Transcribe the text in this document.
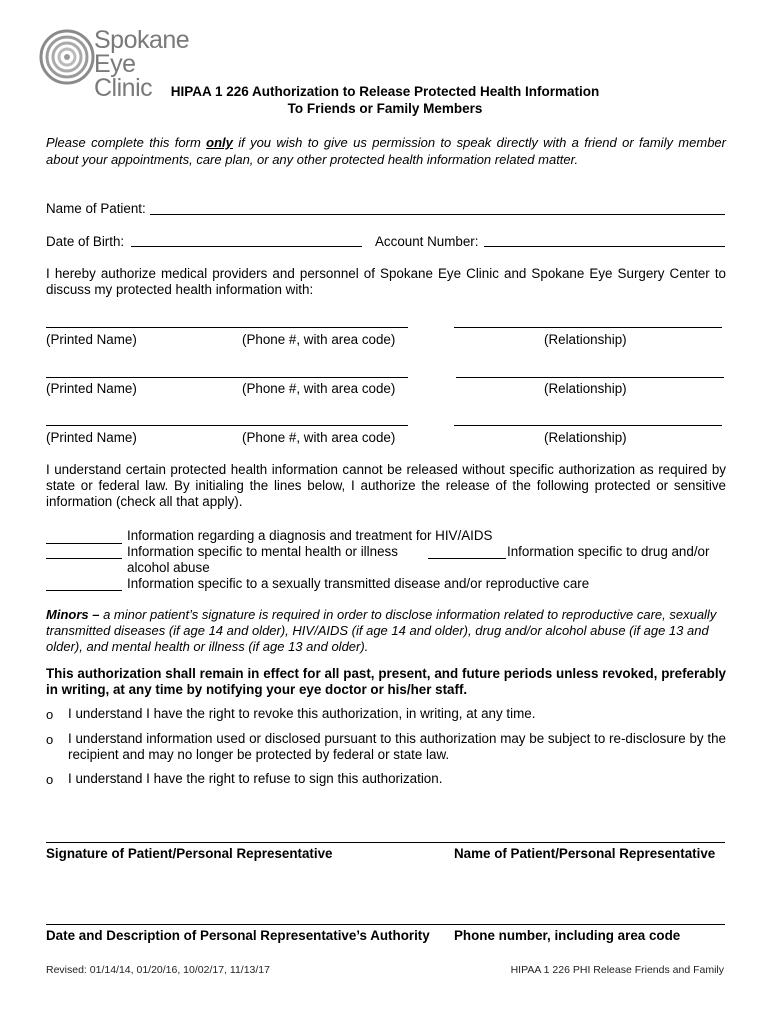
Spokane
Eye Clinic	HIPAA 1 226 Authorization to Release Protected Health Information
To Friends or Family Members
Please complete this form only if you wish to give us permission to speak directly with a friend or family member about your appointments, care plan, or any other protected health information related matter.
Name of Patient:
Date of Birth:	Account Number:
I hereby authorize medical providers and personnel of Spokane Eye Clinic and Spokane Eye Surgery Center to discuss my protected health information with:
(Printed Name)	(Phone #, with area code)	(Relationship)
(Printed Name)	(Phone #, with area code)	(Relationship)
(Printed Name)	(Phone #, with area code)	(Relationship)
I understand certain protected health information cannot be released without specific authorization as required by state or federal law. By initialing the lines below, I authorize the release of the following protected or sensitive information (check all that apply).
Information regarding a diagnosis and treatment for HIV/AIDS
Information specific to mental health or illness	Information specific to drug and/or
alcohol abuse
Information specific to a sexually transmitted disease and/or reproductive care
Minors – a minor patient’s signature is required in order to disclose information related to reproductive care, sexually transmitted diseases (if age 14 and older), HIV/AIDS (if age 14 and older), drug and/or alcohol abuse (if age 13 and older), and mental health or illness (if age 13 and older).
This authorization shall remain in effect for all past, present, and future periods unless revoked, preferably in writing, at any time by notifying your eye doctor or his/her staff.
o I understand I have the right to revoke this authorization, in writing, at any time.
o I understand information used or disclosed pursuant to this authorization may be subject to re-disclosure by the recipient and may no longer be protected by federal or state law.
o I understand I have the right to refuse to sign this authorization.
Signature of Patient/Personal Representative	Name of Patient/Personal Representative
Date and Description of Personal Representative’s Authority Phone number, including area code
Revised: 01/14/14, 01/20/16, 10/02/17, 11/13/17	HIPAA 1 226 PHI Release Friends and Family
